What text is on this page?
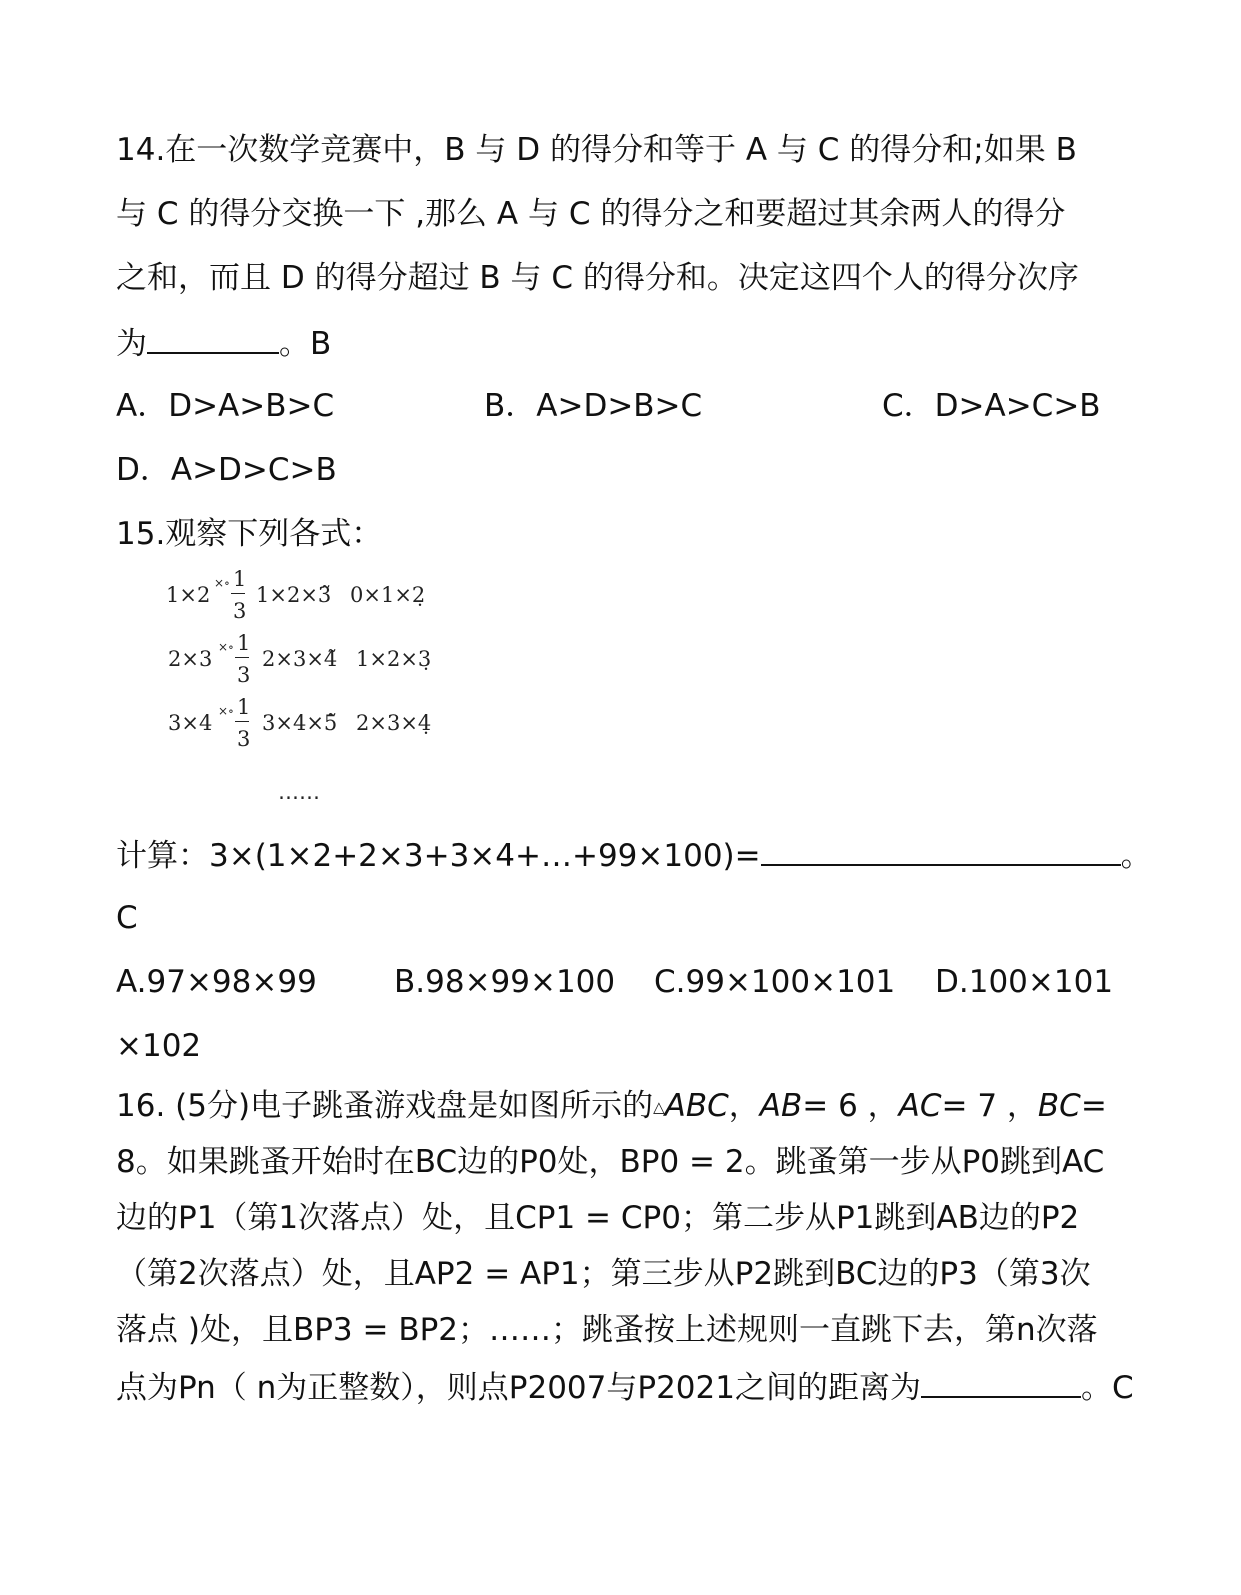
14.在一次数学竞赛中，B 与 D 的得分和等于 A 与 C 的得分和;如果 B
与 C 的得分交换一下 ,那么 A 与 C 的得分之和要超过其余两人的得分
之和，而且 D 的得分超过 B 与 C 的得分和。决定这四个人的得分次序
为	。B
A．D>A>B>C	B．A>D>B>C	C．D>A>C>B
D．A>D>C>B
15.观察下列各式：
1×2 ×∘ 1
3
1×2×3̃ 0×1×2̣
2×3 ×∘ 1
3
2×3×4̃ 1×2×3̣
3×4 ×∘ 1
3
3×4×5̃ 2×3×4̣
……
计算：3×(1×2+2×3+3×4+…+99×100)=	。
C
A.97×98×99 B.98×99×100 C.99×100×101 D.100×101
×102
16. (5分)电子跳蚤游戏盘是如图所示的△ABC，AB= 6 ，AC= 7 ，BC=
8。如果跳蚤开始时在BC边的P0处，BP0 = 2。跳蚤第一步从P0跳到AC
边的P1（第1次落点）处，且CP1 = CP0；第二步从P1跳到AB边的P2
（第2次落点）处，且AP2 = AP1；第三步从P2跳到BC边的P3（第3次
落点 )处，且BP3 = BP2；……；跳蚤按上述规则一直跳下去，第n次落
点为Pn（ n为正整数），则点P2007与P2021之间的距离为	。C
